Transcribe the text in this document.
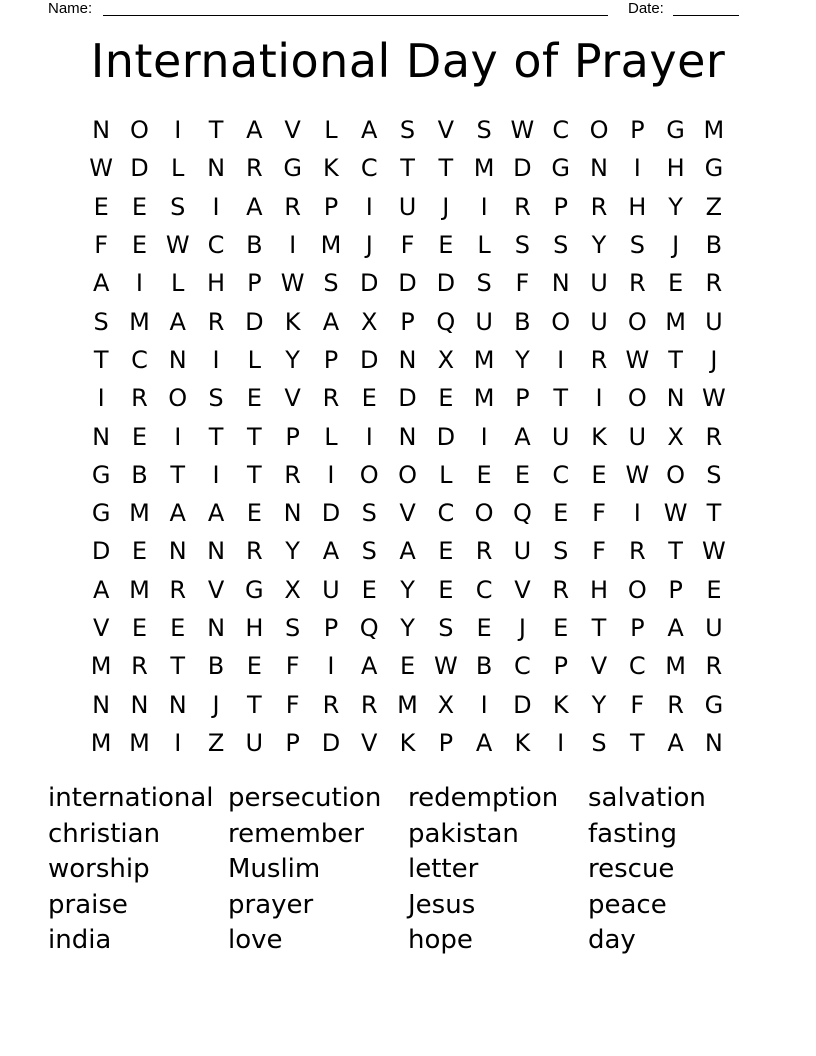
Name:	Date:
International Day of Prayer
N O	I	T A V L A S V S W C O P G M
W D L N R G K C T T M D G N	I	H G
E E S	I	A R P	I	U	J	I	R P R H Y Z
F E W C B	I	M	J	F E	L	S S Y S	J	B
A	I	L H P W S D D D S F N U R E R
S M A R D K A X P Q U B O U O M U
T C N	I	L	Y P D N X M Y	I	R W T	J
I	R O S E V R E D E M P T	I	O N W
N E	I	T T P	L	I	N D	I	A U K U X R
G B T	I	T R	I	O O L	E E C E W O S
G M A A E N D S V C O Q E F	I W T
D E N N R Y A S A E R U S F R T W
A M R V G X U E Y E C V R H O P E
V E E N H S P Q Y S E	J	E T P A U
M R T B E F	I	A E W B C P V C M R
N N N	J	T	F R R M X	I	D K Y	F R G
M M	I	Z U P D V K P A K	I	S T A N
international persecution	redemption	salvation
christian	remember	pakistan	fasting
worship	Muslim	letter	rescue
praise	prayer	Jesus	peace
india	love	hope	day
